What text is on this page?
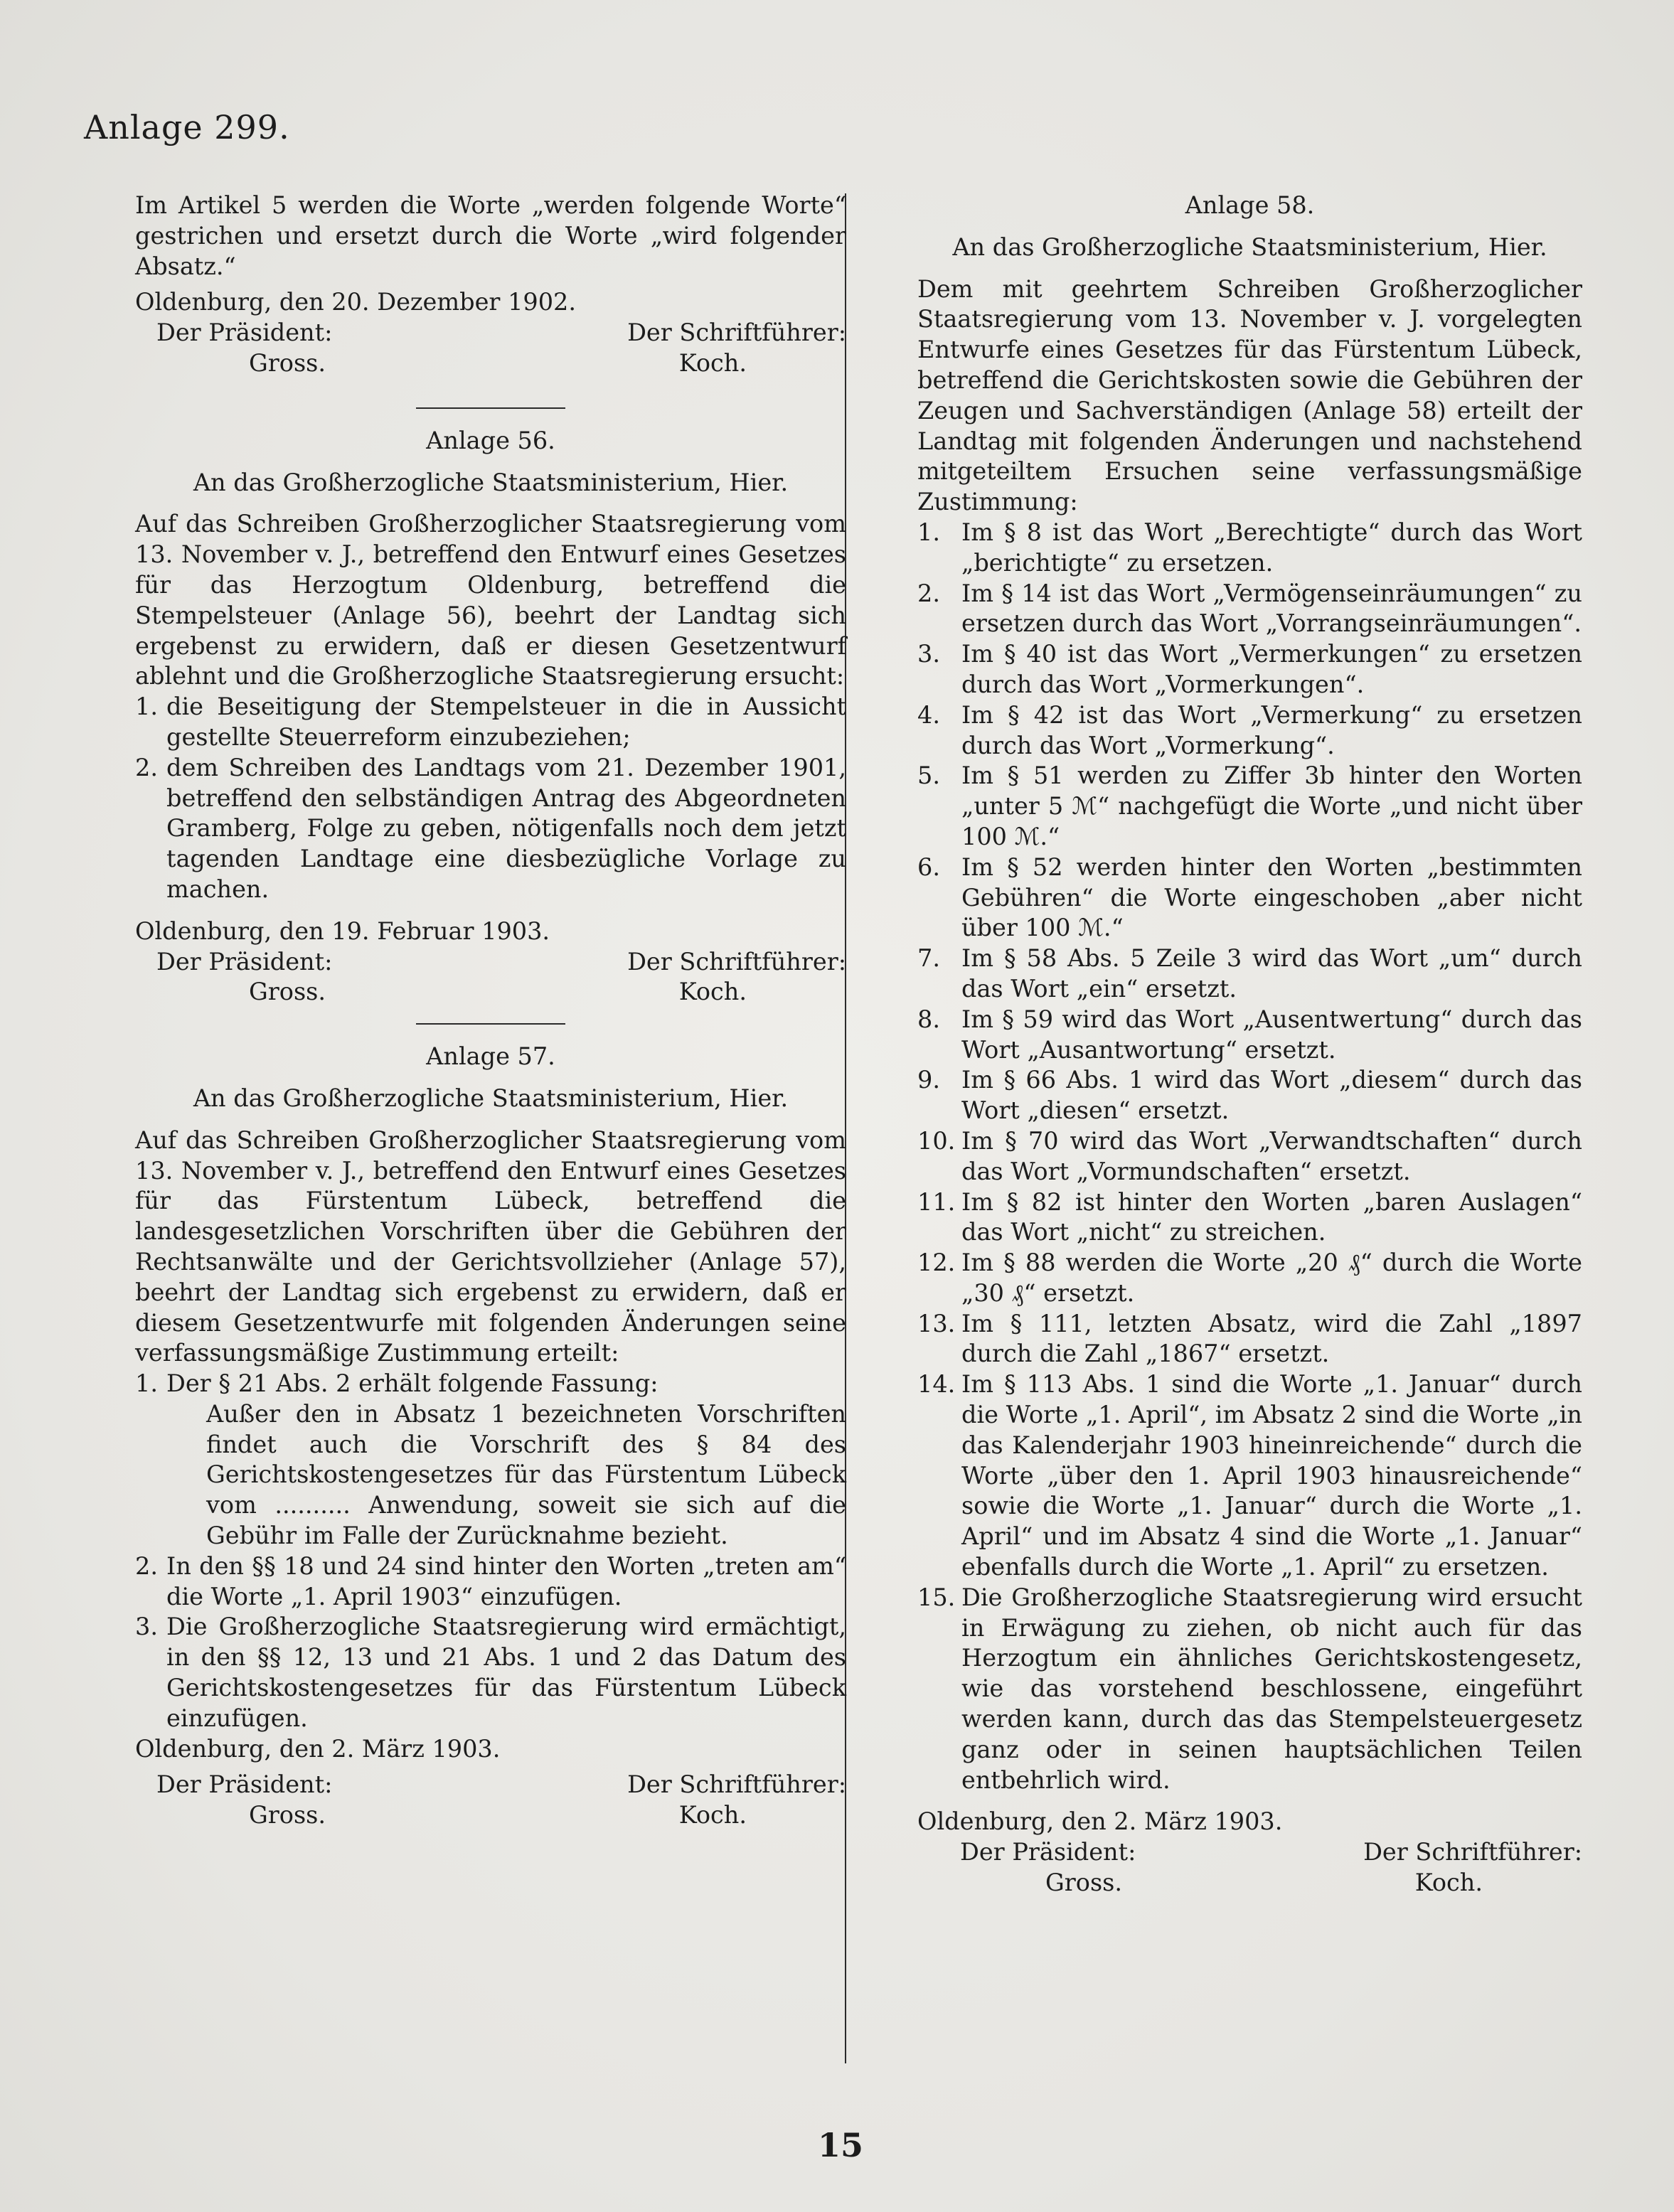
Anlage 299.

Im Artikel 5 werden die Worte „werden folgende Worte“ gestrichen und ersetzt durch die Worte „wird folgender Absatz.“

Oldenburg, den 20. Dezember 1902.

Der Präsident:	Der Schriftführer:
Gross.	Koch.

Anlage 56.

An das Großherzogliche Staatsministerium, Hier.

Auf das Schreiben Großherzoglicher Staatsregierung vom 13. November v. J., betreffend den Entwurf eines Gesetzes für das Herzogtum Oldenburg, betreffend die Stempelsteuer (Anlage 56), beehrt der Landtag sich ergebenst zu erwidern, daß er diesen Gesetzentwurf ablehnt und die Großherzogliche Staatsregierung ersucht:

1. die Beseitigung der Stempelsteuer in die in Aussicht gestellte Steuerreform einzubeziehen;
2. dem Schreiben des Landtags vom 21. Dezember 1901, betreffend den selbständigen Antrag des Abgeordneten Gramberg, Folge zu geben, nötigenfalls noch dem jetzt tagenden Landtage eine diesbezügliche Vorlage zu machen.

Oldenburg, den 19. Februar 1903.

Der Präsident:	Der Schriftführer:
Gross.	Koch.

Anlage 57.

An das Großherzogliche Staatsministerium, Hier.

Auf das Schreiben Großherzoglicher Staatsregierung vom 13. November v. J., betreffend den Entwurf eines Gesetzes für das Fürstentum Lübeck, betreffend die landesgesetzlichen Vorschriften über die Gebühren der Rechtsanwälte und der Gerichtsvollzieher (Anlage 57), beehrt der Landtag sich ergebenst zu erwidern, daß er diesem Gesetzentwurfe mit folgenden Änderungen seine verfassungsmäßige Zustimmung erteilt:

1. Der § 21 Abs. 2 erhält folgende Fassung:

Außer den in Absatz 1 bezeichneten Vorschriften findet auch die Vorschrift des § 84 des Gerichtskostengesetzes für das Fürstentum Lübeck vom .......... Anwendung, soweit sie sich auf die Gebühr im Falle der Zurücknahme bezieht.

2. In den §§ 18 und 24 sind hinter den Worten „treten am“ die Worte „1. April 1903“ einzufügen.
3. Die Großherzogliche Staatsregierung wird ermächtigt, in den §§ 12, 13 und 21 Abs. 1 und 2 das Datum des Gerichtskostengesetzes für das Fürstentum Lübeck einzufügen.

Oldenburg, den 2. März 1903.

Der Präsident:	Der Schriftführer:
Gross.	Koch.

Anlage 58.

An das Großherzogliche Staatsministerium, Hier.

Dem mit geehrtem Schreiben Großherzoglicher Staatsregierung vom 13. November v. J. vorgelegten Entwurfe eines Gesetzes für das Fürstentum Lübeck, betreffend die Gerichtskosten sowie die Gebühren der Zeugen und Sachverständigen (Anlage 58) erteilt der Landtag mit folgenden Änderungen und nachstehend mitgeteiltem Ersuchen seine verfassungsmäßige Zustimmung:

1. Im § 8 ist das Wort „Berechtigte“ durch das Wort „berichtigte“ zu ersetzen.
2. Im § 14 ist das Wort „Vermögenseinräumungen“ zu ersetzen durch das Wort „Vorrangseinräumungen“.
3. Im § 40 ist das Wort „Vermerkungen“ zu ersetzen durch das Wort „Vormerkungen“.
4. Im § 42 ist das Wort „Vermerkung“ zu ersetzen durch das Wort „Vormerkung“.
5. Im § 51 werden zu Ziffer 3b hinter den Worten „unter 5 ℳ“ nachgefügt die Worte „und nicht über 100 ℳ.“
6. Im § 52 werden hinter den Worten „bestimmten Gebühren“ die Worte eingeschoben „aber nicht über 100 ℳ.“
7. Im § 58 Abs. 5 Zeile 3 wird das Wort „um“ durch das Wort „ein“ ersetzt.
8. Im § 59 wird das Wort „Ausentwertung“ durch das Wort „Ausantwortung“ ersetzt.
9. Im § 66 Abs. 1 wird das Wort „diesem“ durch das Wort „diesen“ ersetzt.
10. Im § 70 wird das Wort „Verwandtschaften“ durch das Wort „Vormundschaften“ ersetzt.
11. Im § 82 ist hinter den Worten „baren Auslagen“ das Wort „nicht“ zu streichen.
12. Im § 88 werden die Worte „20 ₰“ durch die Worte „30 ₰“ ersetzt.
13. Im § 111, letzten Absatz, wird die Zahl „1897 durch die Zahl „1867“ ersetzt.
14. Im § 113 Abs. 1 sind die Worte „1. Januar“ durch die Worte „1. April“, im Absatz 2 sind die Worte „in das Kalenderjahr 1903 hineinreichende“ durch die Worte „über den 1. April 1903 hinausreichende“ sowie die Worte „1. Januar“ durch die Worte „1. April“ und im Absatz 4 sind die Worte „1. Januar“ ebenfalls durch die Worte „1. April“ zu ersetzen.
15. Die Großherzogliche Staatsregierung wird ersucht in Erwägung zu ziehen, ob nicht auch für das Herzogtum ein ähnliches Gerichtskostengesetz, wie das vorstehend beschlossene, eingeführt werden kann, durch das das Stempelsteuergesetz ganz oder in seinen hauptsächlichen Teilen entbehrlich wird.

Oldenburg, den 2. März 1903.

Der Präsident:	Der Schriftführer:
Gross.	Koch.
15
